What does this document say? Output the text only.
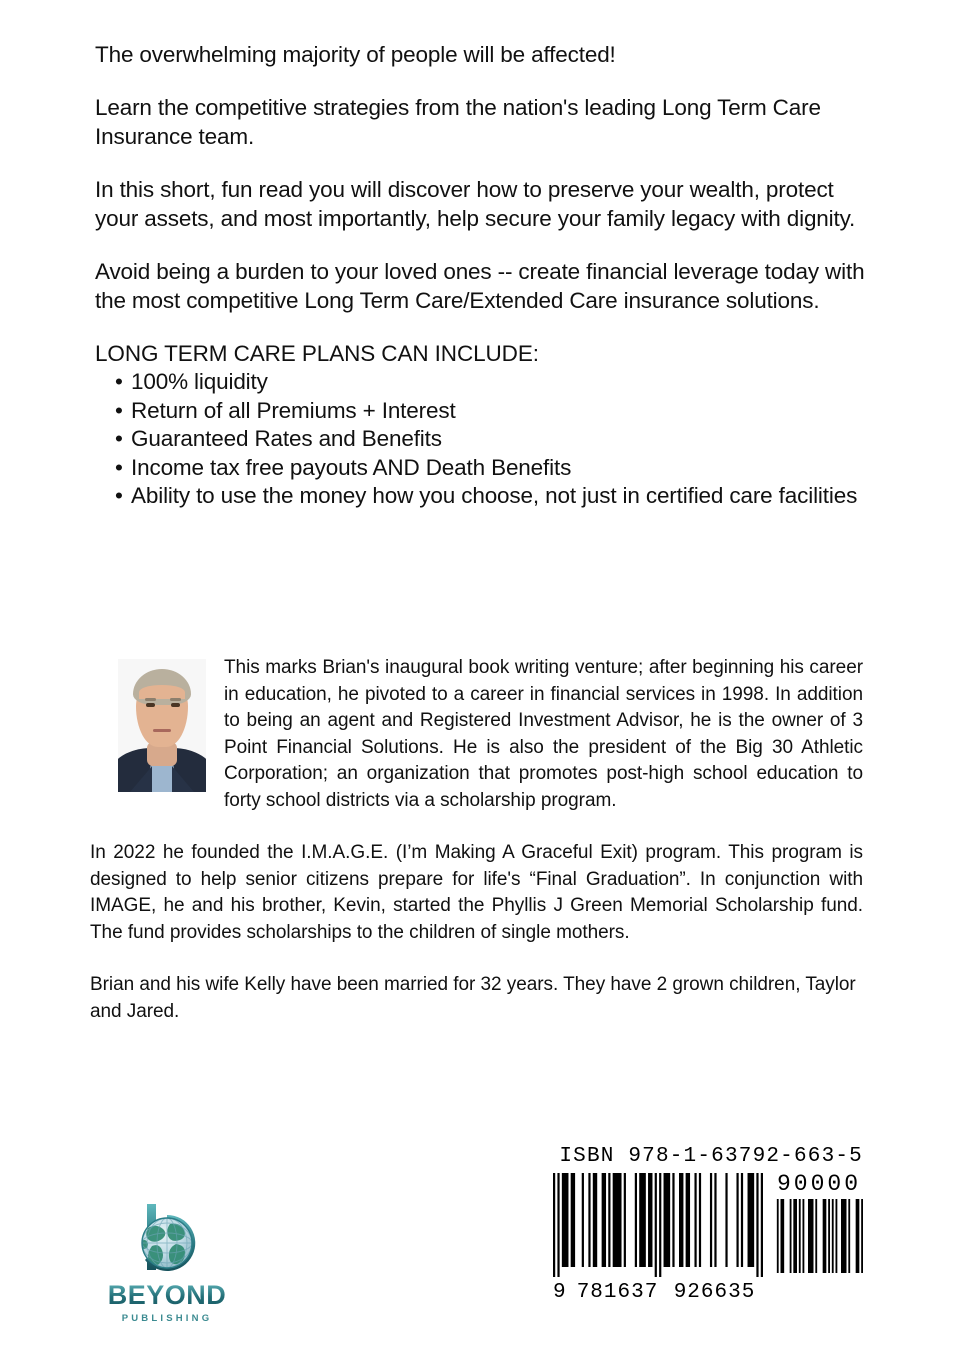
The overwhelming majority of people will be affected!

Learn the competitive strategies from the nation's leading Long Term Care Insurance team.

In this short, fun read you will discover how to preserve your wealth, protect your assets, and most importantly, help secure your family legacy with dignity.

Avoid being a burden to your loved ones -- create financial leverage today with the most competitive Long Term Care/Extended Care insurance solutions.

LONG TERM CARE PLANS CAN INCLUDE:
• 100% liquidity
• Return of all Premiums + Interest
• Guaranteed Rates and Benefits
• Income tax free payouts AND Death Benefits
• Ability to use the money how you choose, not just in certified care facilities

This marks Brian's inaugural book writing venture; after beginning his career in education, he pivoted to a career in financial services in 1998. In addition to being an agent and Registered Investment Advisor, he is the owner of 3 Point Financial Solutions. He is also the president of the Big 30 Athletic Corporation; an organization that promotes post-high school education to forty school districts via a scholarship program.

In 2022 he founded the I.M.A.G.E. (I’m Making A Graceful Exit) program. This program is designed to help senior citizens prepare for life's “Final Graduation”. In conjunction with IMAGE, he and his brother, Kevin, started the Phyllis J Green Memorial Scholarship fund. The fund provides scholarships to the children of single mothers.

Brian and his wife Kelly have been married for 32 years. They have 2 grown children, Taylor and Jared.

BEYOND
PUBLISHING
ISBN 978-1-63792-663-5
9 781637 926635
90000
